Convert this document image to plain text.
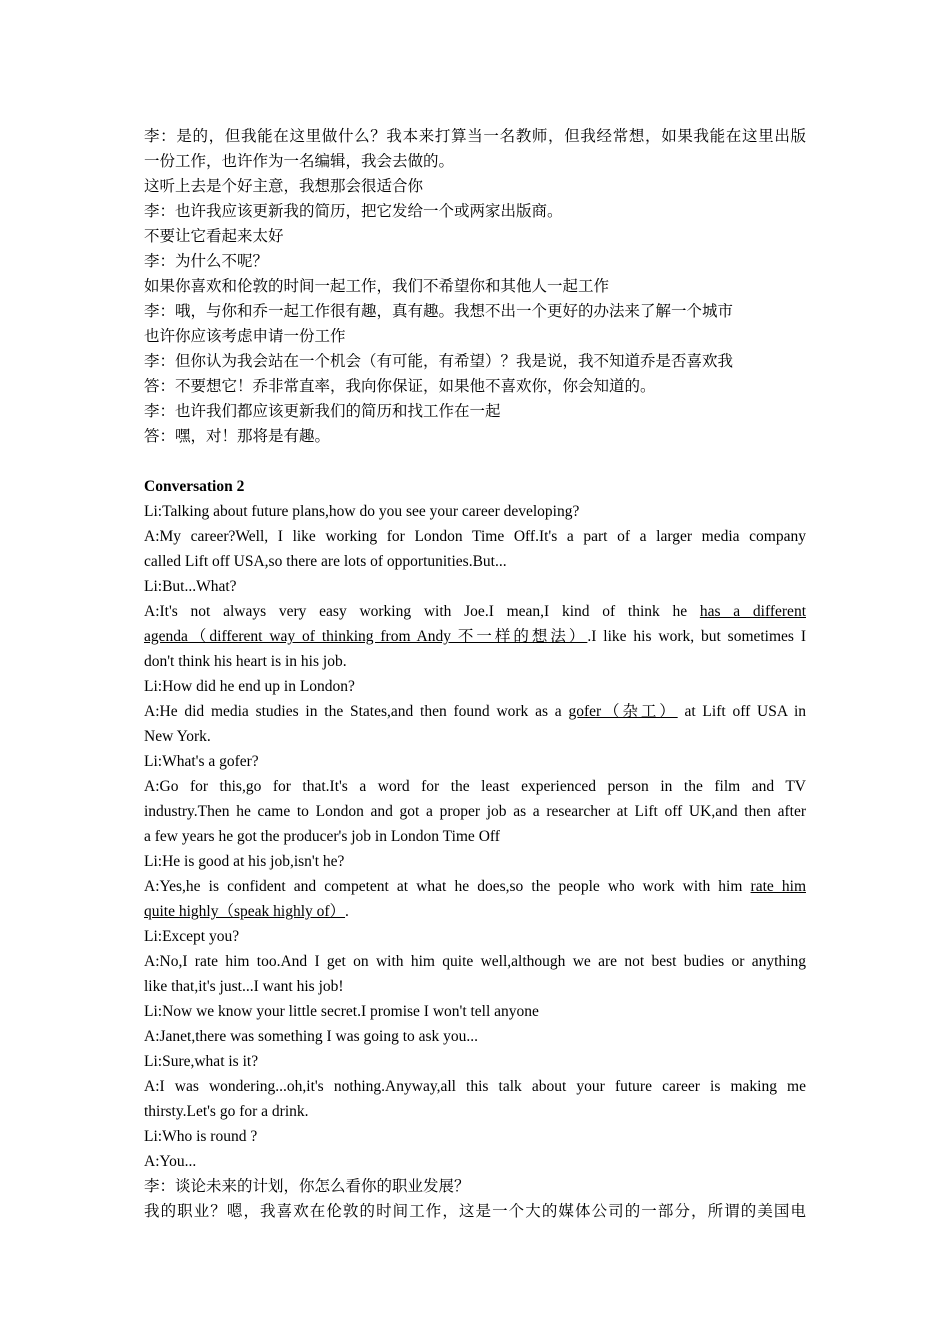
李：是的，但我能在这里做什么？我本来打算当一名教师，但我经常想，如果我能在这里出版
一份工作，也许作为一名编辑，我会去做的。
这听上去是个好主意，我想那会很适合你
李：也许我应该更新我的简历，把它发给一个或两家出版商。
不要让它看起来太好
李：为什么不呢？
如果你喜欢和伦敦的时间一起工作，我们不希望你和其他人一起工作
李：哦，与你和乔一起工作很有趣，真有趣。我想不出一个更好的办法来了解一个城市
也许你应该考虑申请一份工作
李：但你认为我会站在一个机会（有可能，有希望）？我是说，我不知道乔是否喜欢我
答：不要想它！乔非常直率，我向你保证，如果他不喜欢你，你会知道的。
李：也许我们都应该更新我们的简历和找工作在一起
答：嘿，对！那将是有趣。
Conversation 2
Li:Talking about future plans,how do you see your career developing?
A:My career?Well, I like working for London Time Off.It's a part of a larger media company
called Lift off USA,so there are lots of opportunities.But...
Li:But...What?
A:It's not always very easy working with Joe.I mean,I kind of think he has a different
agenda（different way of thinking from Andy 不一样的想法）.I like his work, but sometimes I
don't think his heart is in his job.
Li:How did he end up in London?
A:He did media studies in the States,and then found work as a gofer（杂工） at Lift off USA in
New York.
Li:What's a gofer?
A:Go for this,go for that.It's a word for the least experienced person in the film and TV
industry.Then he came to London and got a proper job as a researcher at Lift off UK,and then after
a few years he got the producer's job in London Time Off
Li:He is good at his job,isn't he?
A:Yes,he is confident and competent at what he does,so the people who work with him rate him
quite highly（speak highly of）.
Li:Except you?
A:No,I rate him too.And I get on with him quite well,although we are not best budies or anything
like that,it's just...I want his job!
Li:Now we know your little secret.I promise I won't tell anyone
A:Janet,there was something I was going to ask you...
Li:Sure,what is it?
A:I was wondering...oh,it's nothing.Anyway,all this talk about your future career is making me
thirsty.Let's go for a drink.
Li:Who is round ?
A:You...
李：谈论未来的计划，你怎么看你的职业发展？
我的职业？嗯，我喜欢在伦敦的时间工作，这是一个大的媒体公司的一部分，所谓的美国电
